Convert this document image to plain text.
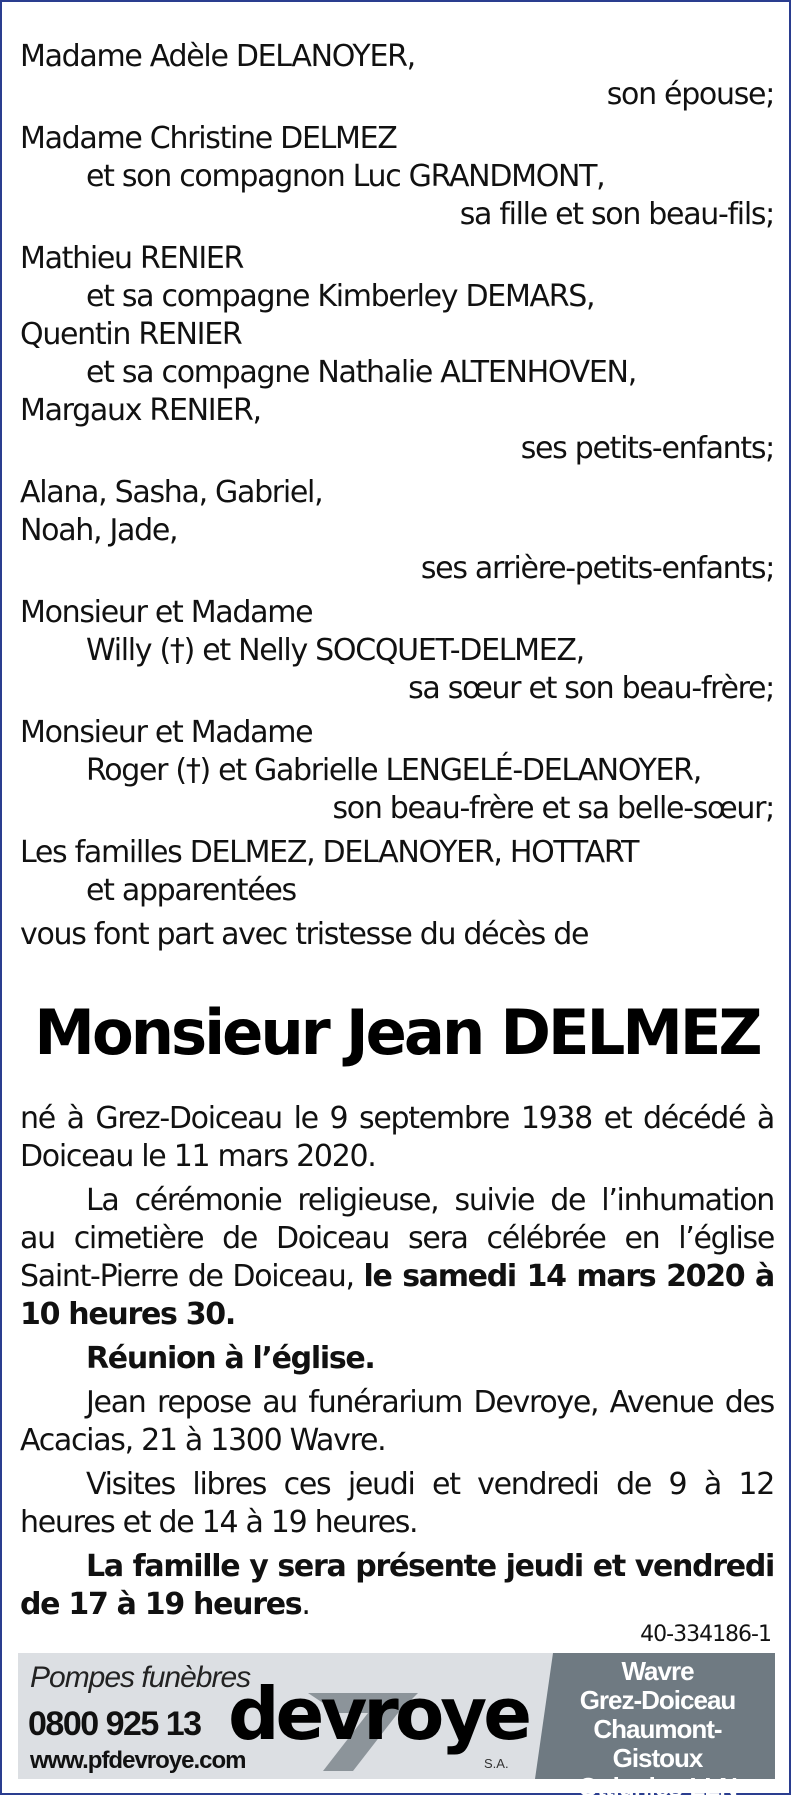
Madame Adèle DELANOYER,
son épouse;
Madame Christine DELMEZ
et son compagnon Luc GRANDMONT,
sa fille et son beau-fils;
Mathieu RENIER
et sa compagne Kimberley DEMARS,
Quentin RENIER
et sa compagne Nathalie ALTENHOVEN,
Margaux RENIER,
ses petits-enfants;
Alana, Sasha, Gabriel,
Noah, Jade,
ses arrière-petits-enfants;
Monsieur et Madame
Willy (†) et Nelly SOCQUET-DELMEZ,
sa sœur et son beau-frère;
Monsieur et Madame
Roger (†) et Gabrielle LENGELÉ-DELANOYER,
son beau-frère et sa belle-sœur;
Les familles DELMEZ, DELANOYER, HOTTART
et apparentées
vous font part avec tristesse du décès de
Monsieur Jean DELMEZ

né à Grez-Doiceau le 9 septembre 1938 et décédé à Doiceau le 11 mars 2020.

La cérémonie religieuse, suivie de l’inhumation au cimetière de Doiceau sera célébrée en l’église Saint-Pierre de Doiceau, le samedi 14 mars 2020 à 10 heures 30.

Réunion à l’église.

Jean repose au funérarium Devroye, Avenue des Acacias, 21 à 1300 Wavre.

Visites libres ces jeudi et vendredi de 9 à 12 heures et de 14 à 19 heures.

La famille y sera présente jeudi et vendredi de 17 à 19 heures.

40-334186-1
Pompes funèbres
0800 925 13
www.pfdevroye.com
devroye
S.A.
Wavre
Grez-Doiceau
Chaumont-Gistoux
Ottignies-LLN
